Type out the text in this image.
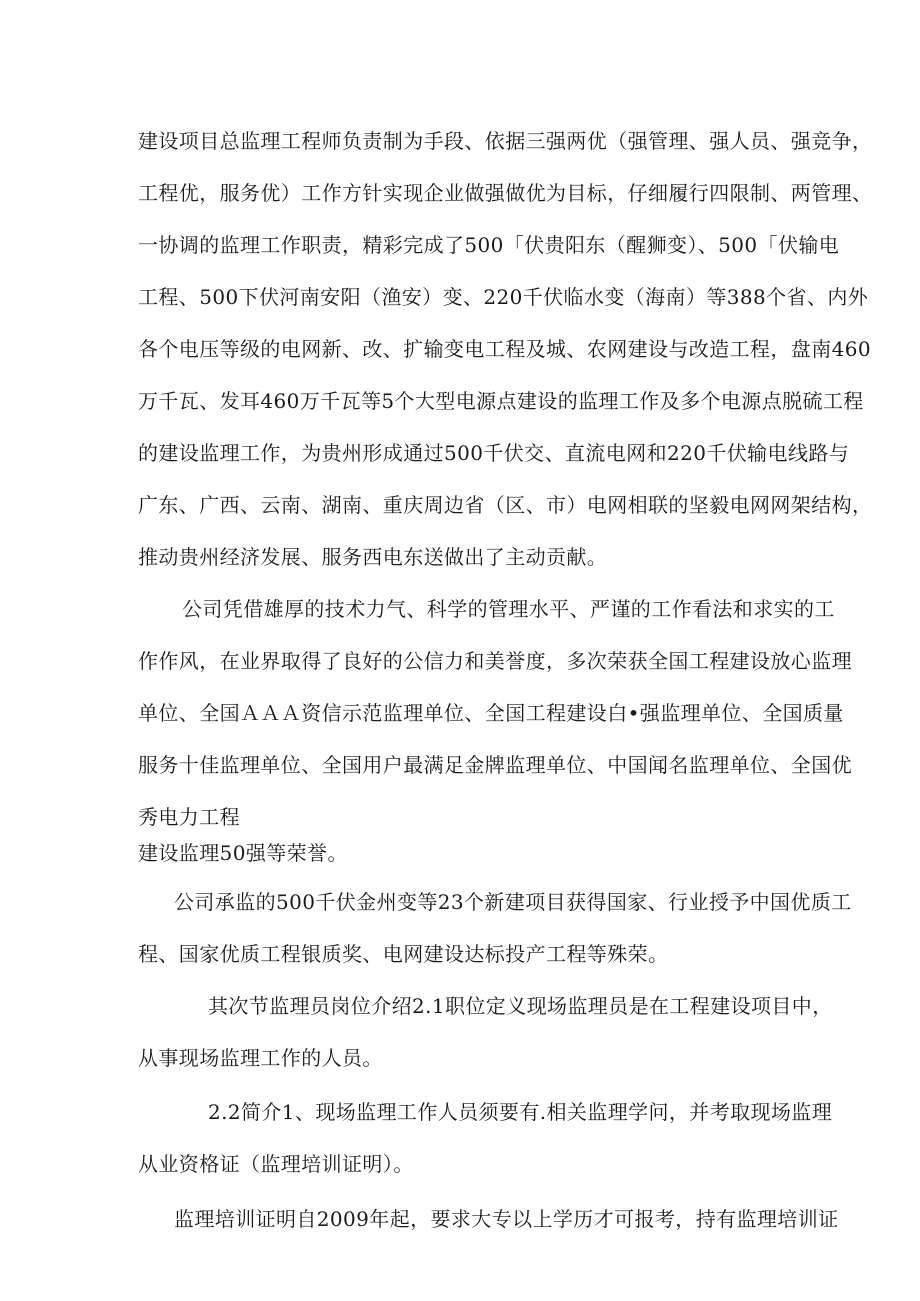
建设项目总监理工程师负责制为手段、依据三强两优（强管理、强人员、强竞争，
工程优，服务优）工作方针实现企业做强做优为目标，仔细履行四限制、两管理、
一协调的监理工作职责，精彩完成了500「伏贵阳东（醒狮变）、500「伏输电
工程、500下伏河南安阳（渔安）变、220千伏临水变（海南）等388个省、内外
各个电压等级的电网新、改、扩输变电工程及城、农网建设与改造工程，盘南460
万千瓦、发耳460万千瓦等5个大型电源点建设的监理工作及多个电源点脱硫工程
的建设监理工作，为贵州形成通过500千伏交、直流电网和220千伏输电线路与
广东、广西、云南、湖南、重庆周边省（区、市）电网相联的坚毅电网网架结构，
推动贵州经济发展、服务西电东送做出了主动贡献。
公司凭借雄厚的技术力气、科学的管理水平、严谨的工作看法和求实的工
作作风，在业界取得了良好的公信力和美誉度，多次荣获全国工程建设放心监理
单位、全国ＡＡＡ资信示范监理单位、全国工程建设白•强监理单位、全国质量
服务十佳监理单位、全国用户最满足金牌监理单位、中国闻名监理单位、全国优
秀电力工程
建设监理50强等荣誉。
公司承监的500千伏金州变等23个新建项目获得国家、行业授予中国优质工
程、国家优质工程银质奖、电网建设达标投产工程等殊荣。
其次节监理员岗位介绍2.1职位定义现场监理员是在工程建设项目中，
从事现场监理工作的人员。
2.2简介1、现场监理工作人员须要有.相关监理学问，并考取现场监理
从业资格证（监理培训证明）。
监理培训证明自2009年起，要求大专以上学历才可报考，持有监理培训证
